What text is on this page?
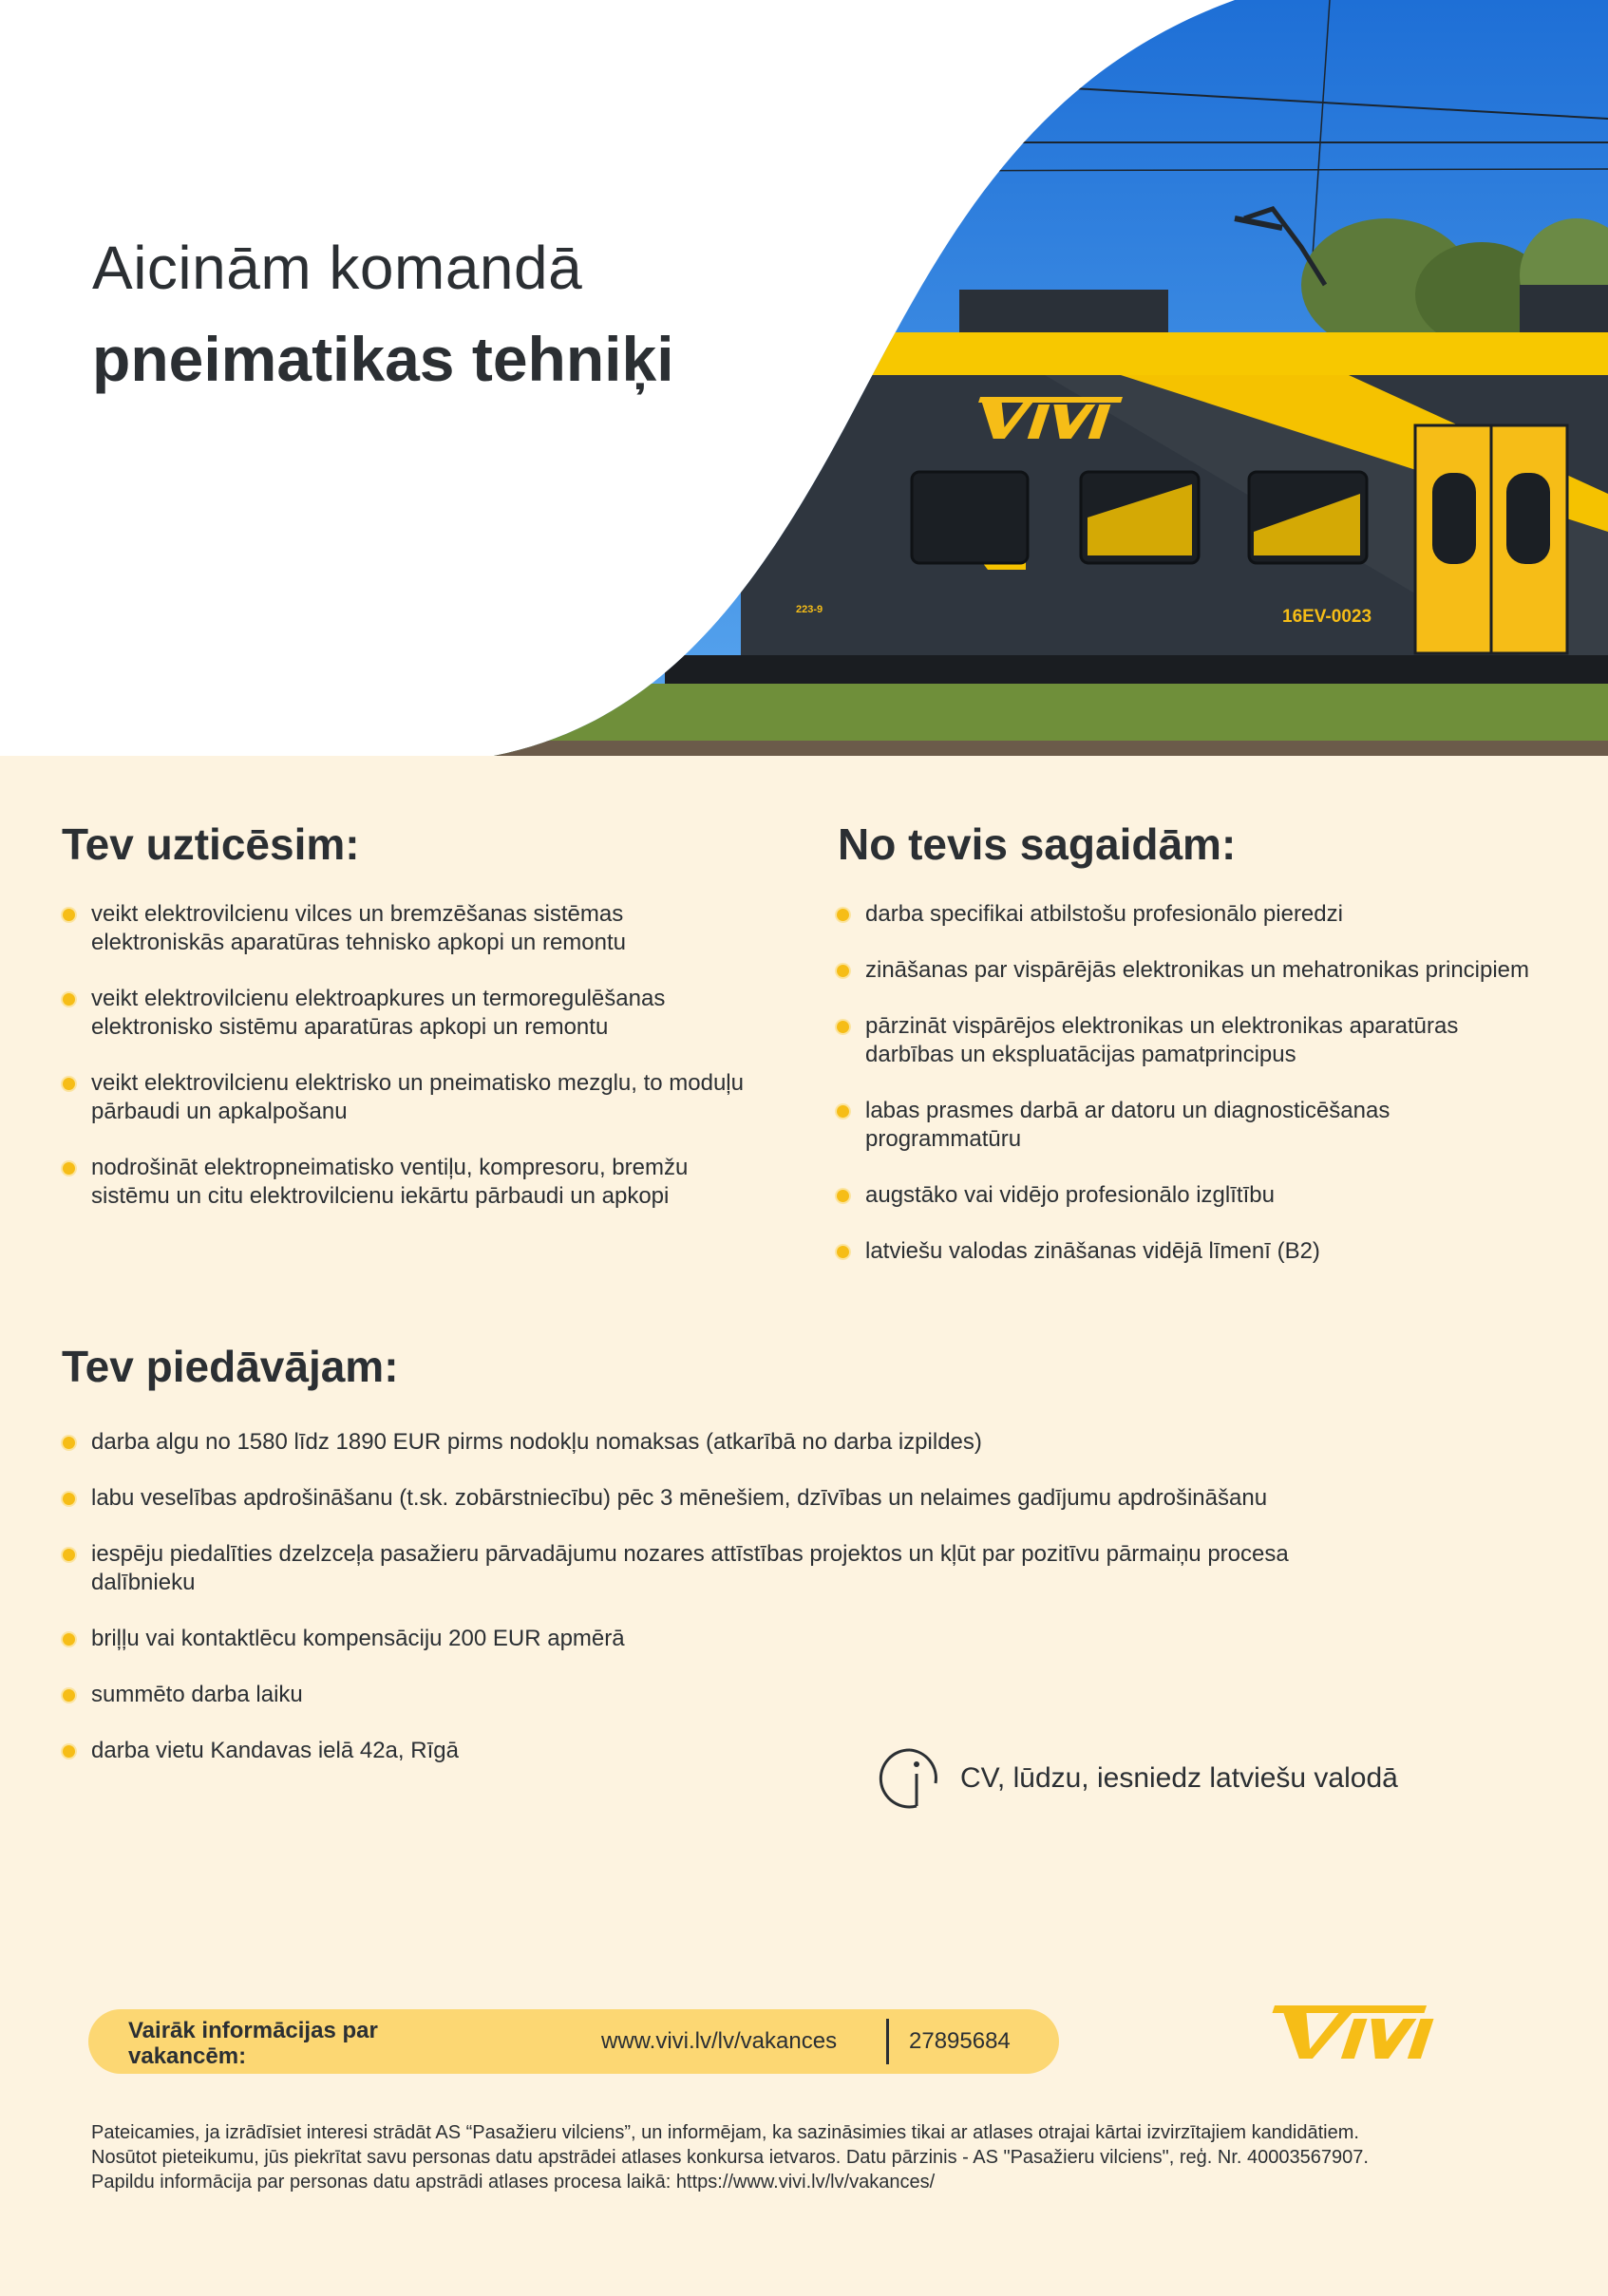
16EV-0023
223-9
Aicinām komandā
pneimatikas tehniķi
Tev uzticēsim:
veikt elektrovilcienu vilces un bremzēšanas sistēmas elektroniskās aparatūras tehnisko apkopi un remontu
veikt elektrovilcienu elektroapkures un termoregulēšanas elektronisko sistēmu aparatūras apkopi un remontu
veikt elektrovilcienu elektrisko un pneimatisko mezglu, to moduļu pārbaudi un apkalpošanu
nodrošināt elektropneimatisko ventiļu, kompresoru, bremžu sistēmu un citu elektrovilcienu iekārtu pārbaudi un apkopi
No tevis sagaidām:
darba specifikai atbilstošu profesionālo pieredzi
zināšanas par vispārējās elektronikas un mehatronikas principiem
pārzināt vispārējos elektronikas un elektronikas aparatūras darbības un ekspluatācijas pamatprincipus
labas prasmes darbā ar datoru un diagnosticēšanas programmatūru
augstāko vai vidējo profesionālo izglītību
latviešu valodas zināšanas vidējā līmenī (B2)
Tev piedāvājam:
darba algu no 1580 līdz 1890 EUR pirms nodokļu nomaksas (atkarībā no darba izpildes)
labu veselības apdrošināšanu (t.sk. zobārstniecību) pēc 3 mēnešiem, dzīvības un nelaimes gadījumu apdrošināšanu
iespēju piedalīties dzelzceļa pasažieru pārvadājumu nozares attīstības projektos un kļūt par pozitīvu pārmaiņu procesa dalībnieku
briļļu vai kontaktlēcu kompensāciju 200 EUR apmērā
summēto darba laiku
darba vietu Kandavas ielā 42a, Rīgā
CV, lūdzu, iesniedz latviešu valodā
Vairāk informācijas par vakancēm:
www.vivi.lv/lv/vakances	27895684
Pateicamies, ja izrādīsiet interesi strādāt AS “Pasažieru vilciens”, un informējam, ka sazināsimies tikai ar atlases otrajai kārtai izvirzītajiem kandidātiem.
Nosūtot pieteikumu, jūs piekrītat savu personas datu apstrādei atlases konkursa ietvaros. Datu pārzinis - AS "Pasažieru vilciens", reģ. Nr. 40003567907.
Papildu informācija par personas datu apstrādi atlases procesa laikā: https://www.vivi.lv/lv/vakances/
